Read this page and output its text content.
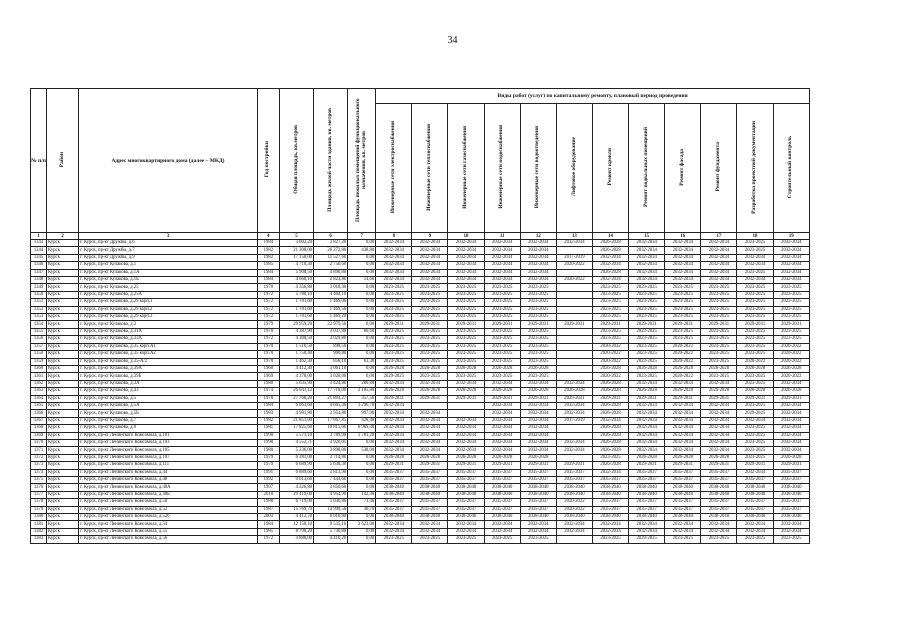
34
№ п/п	Район	Адрес многоквартирного дома (далее – МКД)	Год постройки	Общая площадь, кв.метров	Площадь жилой части здания, кв. метров	Площадь нежилых помещений функционального назначения, кв. метров	Виды работ (услуг) по капитальному ремонту, плановый период проведения											
							Инженерные сети электроснабжения	Инженерные сети теплоснабжения	Инженерные сети газоснабжения	Инженерные сети водоснабжения	Инженерные сети водоотведения	Лифтовое оборудование	Ремонт кровли	Ремонт подвальных помещений	Ремонт фасада	Ремонт фундамента	Разработка проектной документации	Строительный контроль
1	2	3	4	5	6	7	8	9	10	11	12	13	14	15	16	17	18	19
1343	Курск	г. Курск, пр-кт Дружбы, д.6	1984	3 602,20	3 827,20	0,00	2032-2034	2032-2034	2032-2034	2032-2034	2032-2034	2032-2034	2026-2028	2032-2034	2032-2034	2032-2034	2023-2025	2032-2034
1344	Курск	г. Курск, пр-кт Дружбы, д.7	1982	21 308,00	26 272,80	438,80	2032-2034	2032-2034	2032-2034	2032-2034	2032-2034		2026-2028	2032-2034	2032-2034	2032-2034	2023-2025	2032-2034
1345	Курск	г. Курск, пр-кт Дружбы, д.9	1982	17 158,00	11 527,60	0,00	2032-2034	2032-2034	2032-2034	2032-2034	2032-2034	2017-2019	2032-2034	2032-2034	2032-2034	2032-2034	2032-2034	2032-2034
1346	Курск	г. Курск, пр-кт Кулакова, д.1	1985	4 710,30	2 756,60	0,00	2032-2034	2032-2034	2032-2034	2032-2034	2032-2034	2020-2022	2032-2034	2032-2034	2032-2034	2032-2034	2032-2034	2032-2034
1347	Курск	г. Курск, пр-кт Кулакова, д.1А	1984	5 908,50	4 890,80	0,00	2032-2034	2032-2034	2032-2034	2032-2034	2032-2034		2026-2028	2032-2034	2032-2034	2032-2034	2023-2025	2032-2034
1348	Курск	г. Курск, пр-кт Кулакова, д.1Б	1984	4 668,10	2 823,80	14,60	2032-2034	2032-2034	2032-2034	2032-2034	2032-2034	2020-2022	2032-2034	2032-2034	2032-2034	2032-2034	2032-2034	2032-2034
1349	Курск	г. Курск, пр-кт Кулакова, д.25	1970	4 356,80	3 018,30	0,00	2023-2025	2023-2025	2023-2025	2023-2025	2023-2025		2023-2025	2029-2025	2023-2025	2023-2025	2023-2025	2023-2025
1350	Курск	г. Курск, пр-кт Кулакова, д.25А	1972	5 780,10	4 404,10	0,00	2023-2025	2023-2025	2023-2025	2023-2025	2023-2025		2023-2025	2023-2025	2023-2025	2023-2025	2023-2025	2023-2025
1351	Курск	г. Курск, пр-кт Кулакова, д.29 корп.1	1972	1 781,60	1 469,00	0,00	2023-2025	2023-2025	2023-2025	2023-2025	2023-2025		2023-2025	2023-2025	2023-2025	2023-2025	2023-2025	2023-2025
1352	Курск	г. Курск, пр-кт Кулакова, д.29 корп.2	1972	1 781,60	1 469,50	0,00	2023-2025	2023-2025	2023-2025	2023-2025	2023-2025		2023-2025	2023-2025	2023-2025	2023-2025	2023-2025	2023-2025
1353	Курск	г. Курск, пр-кт Кулакова, д.29 корп.3	1972	1 781,60	1 469,20	0,00	2023-2025	2023-2025	2023-2025	2023-2025	2023-2025		2023-2025	2023-2025	2023-2025	2023-2025	2023-2025	2023-2025
1354	Курск	г. Курск, пр-кт Кулакова, д.3	1979	29 959,20	22 979,50	0,00	2029-2031	2029-2031	2029-2031	2029-2031	2029-2031	2029-2031	2029-2031	2029-2031	2029-2031	2029-2031	2029-2031	2029-2031
1355	Курск	г. Курск, пр-кт Кулакова, д.31А	1970	4 387,90	3 037,80	60,60	2023-2025	2023-2025	2023-2025	2023-2025	2023-2025		2023-2025	2023-2025	2023-2025	2023-2025	2023-2025	2023-2025
1356	Курск	г. Курск, пр-кт Кулакова, д.33А	1972	4 300,50	3 029,80	0,00	2023-2025	2023-2025	2023-2025	2023-2025	2023-2025		2023-2025	2023-2025	2023-2025	2023-2025	2023-2025	2023-2025
1357	Курск	г. Курск, пр-кт Кулакова, д.35 корп.А1	1970	1 516,50	898,50	0,00	2023-2025	2023-2025	2023-2025	2023-2025	2023-2025		2020-2022	2023-2025	2020-2022	2023-2025	2023-2025	2020-2022
1358	Курск	г. Курск, пр-кт Кулакова, д.35 корп.А2	1970	1 758,40	900,80	0,00	2023-2025	2023-2025	2023-2025	2023-2025	2023-2025		2020-2022	2023-2025	2020-2022	2023-2025	2023-2025	2020-2022
1359	Курск	г. Курск, пр-кт Кулакова, д.35-А/2	1970	1 462,30	858,10	61,30	2023-2025	2023-2025	2023-2025	2023-2025	2023-2025		2020-2022	2023-2025	2020-2022	2023-2025	2020-2022	2020-2022
1360	Курск	г. Курск, пр-кт Кулакова, д.39А	1960	4 412,30	3 061,10	0,00	2026-2028	2026-2028	2026-2028	2026-2028	2026-2028		2026-2028	2026-2028	2026-2028	2026-2028	2026-2028	2026-2028
1361	Курск	г. Курск, пр-кт Кулакова, д.39Б	1969	4 378,00	3 028,00	0,00	2029-2025	2023-2025	2023-2025	2023-2025	2023-2025		2020-2022	2023-2025	2020-2022	2023-2025	2023-2025	2020-2022
1362	Курск	г. Курск, пр-кт Кулакова, д.3А	1980	5 635,90	3 424,80	280,80	2032-2034	2032-2034	2032-2034	2032-2034	2032-2034	2032-2034	2026-2028	2032-2034	2032-2034	2032-2034	2023-2025	2032-2034
1363	Курск	г. Курск, пр-кт Кулакова, д.43	1974	26 041,12	17 718,00	2 185,80	2026-2028	2026-2028	2026-2028	2026-2028	2026-2028	2026-2028	2026-2028	2026-2028	2026-2028	2026-2028	2026-2028	2026-2028
1364	Курск	г. Курск, пр-кт Кулакова, д.5	1978	27 768,20	21 893,27	357,50	2029-2031	2029-2031	2029-2031	2029-2031	2029-2031	2029-2031	2029-2031	2029-2031	2029-2031	2029-2031	2029-2031	2029-2031
1365	Курск	г. Курск, пр-кт Кулакова, д.5А	1984	6 063,60	4 605,30	1 296,70	2032-2034			2032-2034	2032-2034	2032-2034	2026-2028	2032-2034	2032-2034	2032-2034	2023-2025	2032-2034
1366	Курск	г. Курск, пр-кт Кулакова, д.5Б	1983	4 981,80	3 954,80	997,00	2032-2034	2032-2034		2032-2034	2032-2034	2032-2034	2026-2028	2032-2034	2032-2034	2032-2034	2029-2025	2032-2034
1367	Курск	г. Курск, пр-кт Кулакова, д.7	1982	21 851,00	17 867,85	428,40	2032-2034	2032-2034	2032-2034	2032-2034	2032-2034	2017-2019	2032-2034	2032-2034	2032-2034	2032-2034	2032-2034	2032-2034
1368	Курск	г. Курск, пр-кт Кулакова, д.9	1981	17 825,60	10 815,60	6 969,30	2032-2034	2032-2034	2032-2034	2032-2034	2032-2034		2026-2028	2032-2034	2032-2034	2032-2034	2023-2025	2032-2034
1369	Курск	г. Курск, пр-кт Ленинского Комсомола, д.101	1990	5 571,10	3 789,90	1 781,20	2032-2034	2032-2034	2032-2034	2032-2034	2032-2034		2026-2028	2032-2034	2032-2034	2032-2034	2023-2025	2032-2034
1370	Курск	г. Курск, пр-кт Ленинского Комсомола, д.103	1990	4 552,71	3 920,01	0,00	2032-2034	2032-2034	2032-2034	2032-2034	2032-2034	2032-2034	2026-2028	2032-2034	2032-2034	2032-2034	2023-2025	2032-2034
1371	Курск	г. Курск, пр-кт Ленинского Комсомола, д.105	1980	5 236,00	3 898,00	538,00	2032-2034	2032-2034	2032-2034	2032-2034	2032-2034	2032-2034	2026-2028	2032-2034	2032-2034	2032-2034	2023-2025	2032-2034
1372	Курск	г. Курск, пр-кт Ленинского Комсомола, д.107	1979	6 281,00	3 714,80	0,00	2026-2028	2026-2028	2026-2028	2026-2028	2026-2028		2023-2025	2026-2028	2026-2028	2026-2028	2023-2025	2026-2028
1373	Курск	г. Курск, пр-кт Ленинского Комсомола, д.111	1979	6 689,90	5 638,30	0,00	2029-2031	2029-2031	2029-2031	2029-2031	2029-2031	2029-2031	2026-2028	2029-2031	2029-2031	2029-2031	2029-2031	2029-2031
1374	Курск	г. Курск, пр-кт Ленинского Комсомола, д.44	1991	6 889,60	3 813,90	0,00	2035-2037	2035-2037	2035-2037	2035-2037	2035-2037	2035-2037	2032-2034	2035-2037	2035-2037	2035-2037	2032-2034	2035-2037
1375	Курск	г. Курск, пр-кт Ленинского Комсомола, д.48	1992	9 613,60	7 443,60	0,00	2035-2037	2035-2037	2035-2037	2035-2037	2035-2037	2035-2037	2035-2037	2035-2037	2035-2037	2035-2037	2035-2037	2035-2037
1376	Курск	г. Курск, пр-кт Ленинского Комсомола, д.48А	1997	4 226,80	3 856,60	0,00	2038-2040	2038-2040	2038-2040	2038-2040	2038-2040	2038-2040	2038-2040	2038-2040	2038-2040	2038-2040	2038-2040	2038-2040
1377	Курск	г. Курск, пр-кт Ленинского Комсомола, д.48Б	2010	29 419,00	4 954,90	142,30	2038-2040	2038-2040	2038-2040	2038-2040	2038-2040	2038-2040	2038-2040	2038-2040	2038-2040	2038-2040	2038-2040	2038-2040
1378	Курск	г. Курск, пр-кт Ленинского Комсомола, д.50	1988	6 719,00	5 036,80	71,40	2035-2037	2035-2037	2035-2037	2035-2037	2035-2037	2020-2022	2035-2037	2035-2037	2035-2037	2035-2037	2035-2037	2035-2037
1379	Курск	г. Курск, пр-кт Ленинского Комсомола, д.52	1987	15 769,79	14 998,58	30,70	2035-2037	2035-2037	2035-2037	2035-2037	2035-2037	2020-2022	2035-2037	2035-2037	2035-2037	2035-2037	2035-2037	2035-2037
1380	Курск	г. Курск, пр-кт Ленинского Комсомола, д.52б	2003	4 412,70	6 010,80	0,00	2038-2040	2038-2040	2038-2040	2038-2040	2038-2040	2038-2040	2038-2040	2038-2040	2038-2040	2038-2040	2038-2040	2038-2040
1381	Курск	г. Курск, пр-кт Ленинского Комсомола, д.54	1984	12 158,10	9 535,10	2 623,00	2032-2034	2032-2034	2032-2034	2032-2034	2032-2034	2032-2034	2032-2034	2032-2034	2032-2034	2032-2034	2032-2034	2032-2034
1382	Курск	г. Курск, пр-кт Ленинского Комсомола, д.55	1985	8 790,20	5 730,80	0,00	2032-2034	2032-2034	2032-2034	2032-2034	2032-2034	2032-2034	2032-2034	2032-2034	2032-2034	2032-2034	2032-2034	2032-2034
1383	Курск	г. Курск, пр-кт Ленинского Комсомола, д.56	1972	4 888,00	4 410,20	0,00	2023-2025	2023-2025	2023-2025	2023-2025	2023-2025		2023-2025	2029-2025	2023-2025	2023-2025	2023-2025	2023-2025
